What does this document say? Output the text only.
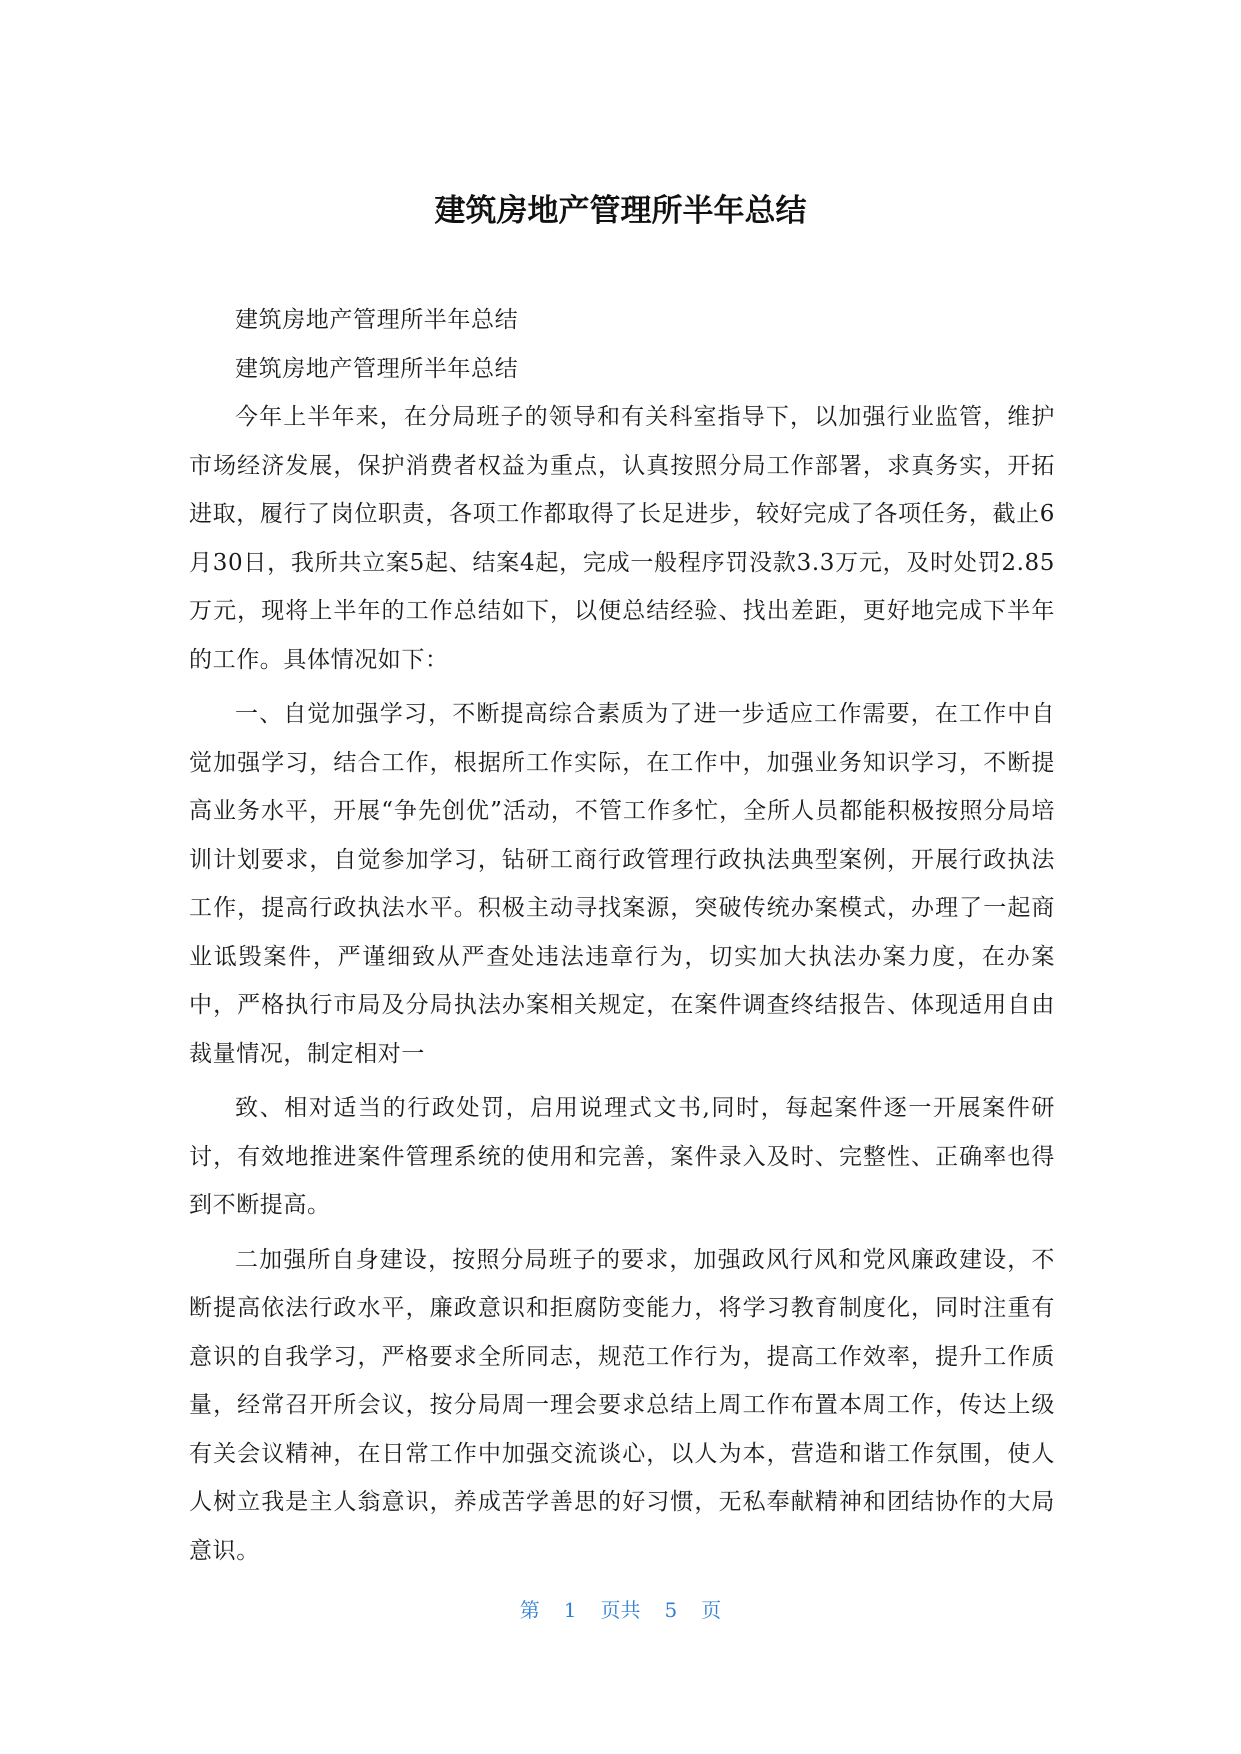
建筑房地产管理所半年总结

建筑房地产管理所半年总结

建筑房地产管理所半年总结

今年上半年来，在分局班子的领导和有关科室指导下，以加强行业监管，维护市场经济发展，保护消费者权益为重点，认真按照分局工作部署，求真务实，开拓进取，履行了岗位职责，各项工作都取得了长足进步，较好完成了各项任务，截止6月30日，我所共立案5起、结案4起，完成一般程序罚没款3.3万元，及时处罚2.85万元，现将上半年的工作总结如下，以便总结经验、找出差距，更好地完成下半年的工作。具体情况如下：

一、自觉加强学习，不断提高综合素质为了进一步适应工作需要，在工作中自觉加强学习，结合工作，根据所工作实际，在工作中，加强业务知识学习，不断提高业务水平，开展“争先创优”活动，不管工作多忙，全所人员都能积极按照分局培训计划要求，自觉参加学习，钻研工商行政管理行政执法典型案例，开展行政执法工作，提高行政执法水平。积极主动寻找案源，突破传统办案模式，办理了一起商业诋毁案件，严谨细致从严查处违法违章行为，切实加大执法办案力度，在办案中，严格执行市局及分局执法办案相关规定，在案件调查终结报告、体现适用自由裁量情况，制定相对一

致、相对适当的行政处罚，启用说理式文书,同时，每起案件逐一开展案件研讨，有效地推进案件管理系统的使用和完善，案件录入及时、完整性、正确率也得到不断提高。

二加强所自身建设，按照分局班子的要求，加强政风行风和党风廉政建设，不断提高依法行政水平，廉政意识和拒腐防变能力，将学习教育制度化，同时注重有意识的自我学习，严格要求全所同志，规范工作行为，提高工作效率，提升工作质量，经常召开所会议，按分局周一理会要求总结上周工作布置本周工作，传达上级有关会议精神，在日常工作中加强交流谈心，以人为本，营造和谐工作氛围，使人人树立我是主人翁意识，养成苦学善思的好习惯，无私奉献精神和团结协作的大局意识。

第 1 页共 5 页
